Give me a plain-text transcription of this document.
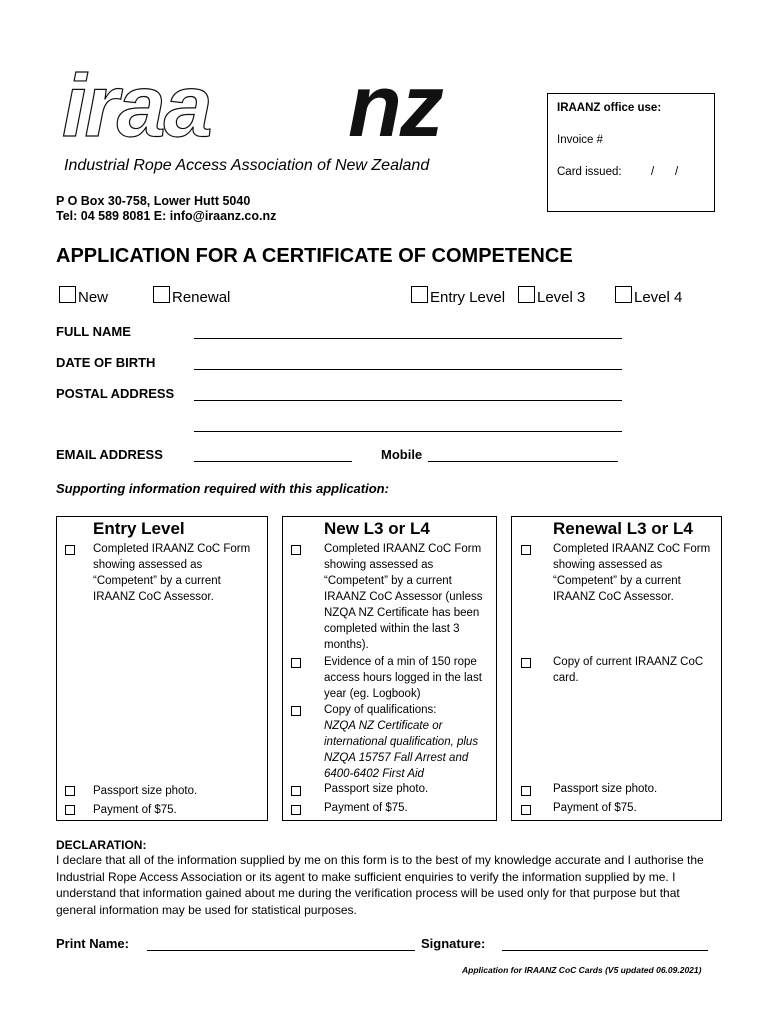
iraa nz
Industrial Rope Access Association of New Zealand
P O Box 30-758, Lower Hutt 5040
Tel: 04 589 8081 E: info@iraanz.co.nz
IRAANZ office use:
Invoice #
Card issued:	/ /
APPLICATION FOR A CERTIFICATE OF COMPETENCE
New	Renewal	Entry Level Level 3	Level 4
FULL NAME
DATE OF BIRTH
POSTAL ADDRESS
EMAIL ADDRESS	Mobile
Supporting information required with this application:
Entry Level
Completed IRAANZ CoC Form showing assessed as “Competent” by a current IRAANZ CoC Assessor.
Passport size photo.
Payment of $75.
New L3 or L4
Completed IRAANZ CoC Form showing assessed as “Competent” by a current IRAANZ CoC Assessor (unless NZQA NZ Certificate has been completed within the last 3 months).
Evidence of a min of 150 rope access hours logged in the last year (eg. Logbook)
Copy of qualifications:
NZQA NZ Certificate or international qualification, plus NZQA 15757 Fall Arrest and 6400-6402 First Aid
Passport size photo.
Payment of $75.
Renewal L3 or L4
Completed IRAANZ CoC Form showing assessed as “Competent” by a current IRAANZ CoC Assessor.
Copy of current IRAANZ CoC card.
Passport size photo.
Payment of $75.
DECLARATION:
I declare that all of the information supplied by me on this form is to the best of my knowledge accurate and I authorise the Industrial Rope Access Association or its agent to make sufficient enquiries to verify the information supplied by me. I understand that information gained about me during the verification process will be used only for that purpose but that general information may be used for statistical purposes.
Print Name:	Signature:
Application for IRAANZ CoC Cards (V5 updated 06.09.2021)
